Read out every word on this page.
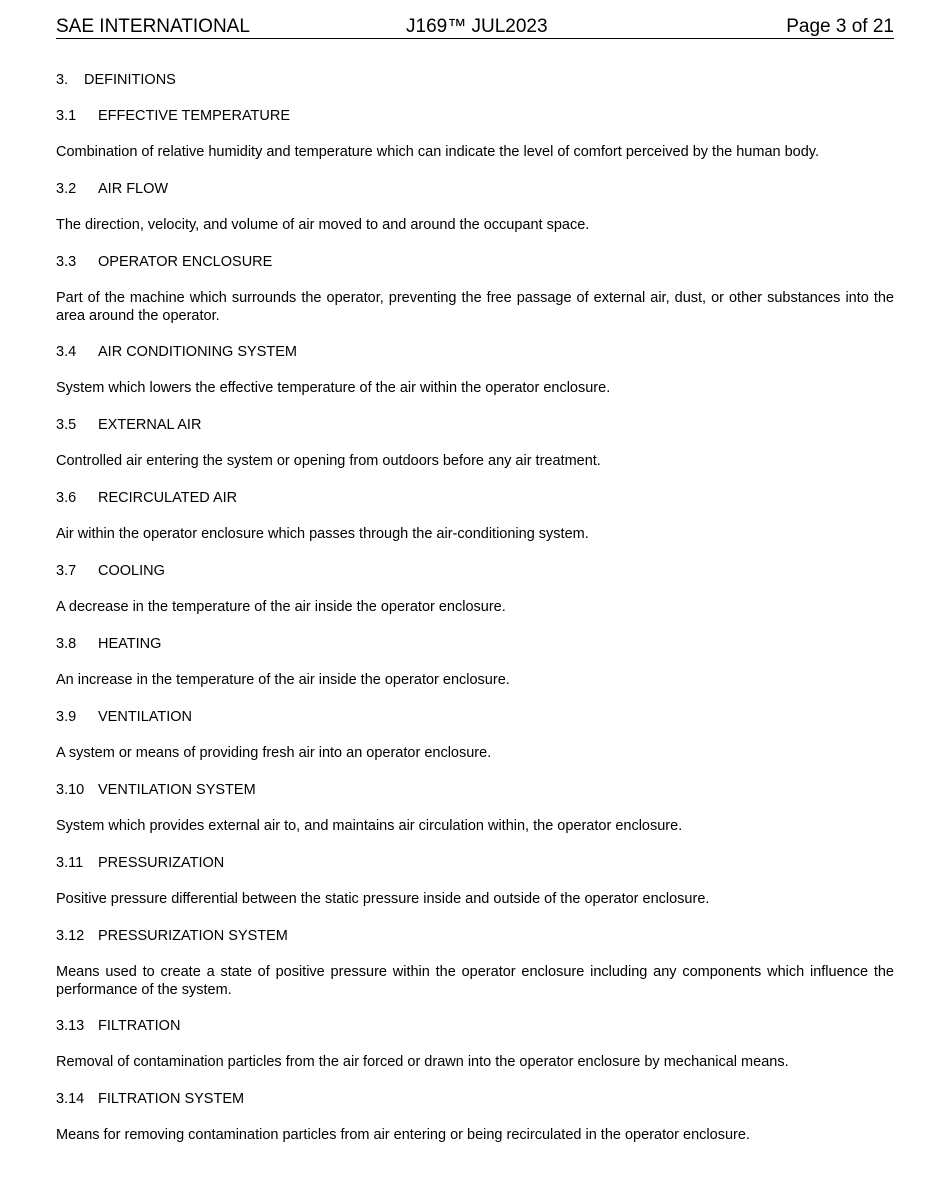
SAE INTERNATIONAL	J169™ JUL2023	Page 3 of 21
3. DEFINITIONS
3.1 EFFECTIVE TEMPERATURE
Combination of relative humidity and temperature which can indicate the level of comfort perceived by the human body.
3.2 AIR FLOW
The direction, velocity, and volume of air moved to and around the occupant space.
3.3 OPERATOR ENCLOSURE
Part of the machine which surrounds the operator, preventing the free passage of external air, dust, or other substances into the area around the operator.
3.4 AIR CONDITIONING SYSTEM
System which lowers the effective temperature of the air within the operator enclosure.
3.5 EXTERNAL AIR
Controlled air entering the system or opening from outdoors before any air treatment.
3.6 RECIRCULATED AIR
Air within the operator enclosure which passes through the air-conditioning system.
3.7 COOLING
A decrease in the temperature of the air inside the operator enclosure.
3.8 HEATING
An increase in the temperature of the air inside the operator enclosure.
3.9 VENTILATION
A system or means of providing fresh air into an operator enclosure.
3.10 VENTILATION SYSTEM
System which provides external air to, and maintains air circulation within, the operator enclosure.
3.11 PRESSURIZATION
Positive pressure differential between the static pressure inside and outside of the operator enclosure.
3.12 PRESSURIZATION SYSTEM
Means used to create a state of positive pressure within the operator enclosure including any components which influence the performance of the system.
3.13 FILTRATION
Removal of contamination particles from the air forced or drawn into the operator enclosure by mechanical means.
3.14 FILTRATION SYSTEM
Means for removing contamination particles from air entering or being recirculated in the operator enclosure.
